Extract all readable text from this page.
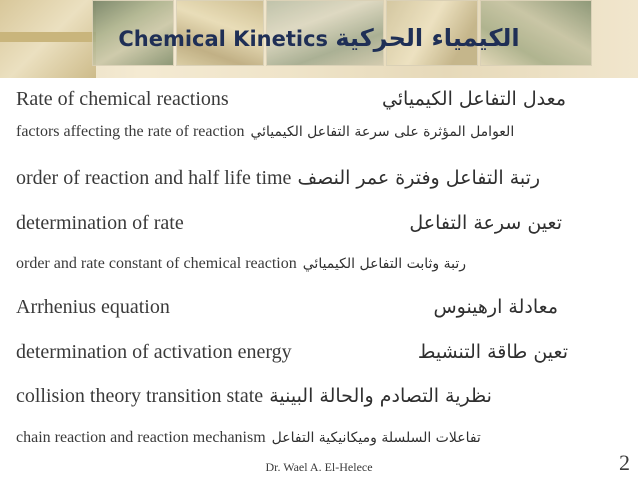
Chemical Kinetics الكيمياء الحركية
Rate of chemical reactions	معدل التفاعل الكيميائي
factors affecting the rate of reaction العوامل المؤثرة على سرعة التفاعل الكيميائي
order of reaction and half life time رتبة التفاعل وفترة عمر النصف
determination of rate	تعين سرعة التفاعل
order and rate constant of chemical reaction رتبة وثابت التفاعل الكيميائي
Arrhenius equation	معادلة ارهينوس
determination of activation energy	تعين طاقة التنشيط
collision theory transition state نظرية التصادم والحالة البينية
chain reaction and reaction mechanism تفاعلات السلسلة وميكانيكية التفاعل
Dr. Wael A. El-Helece	2
